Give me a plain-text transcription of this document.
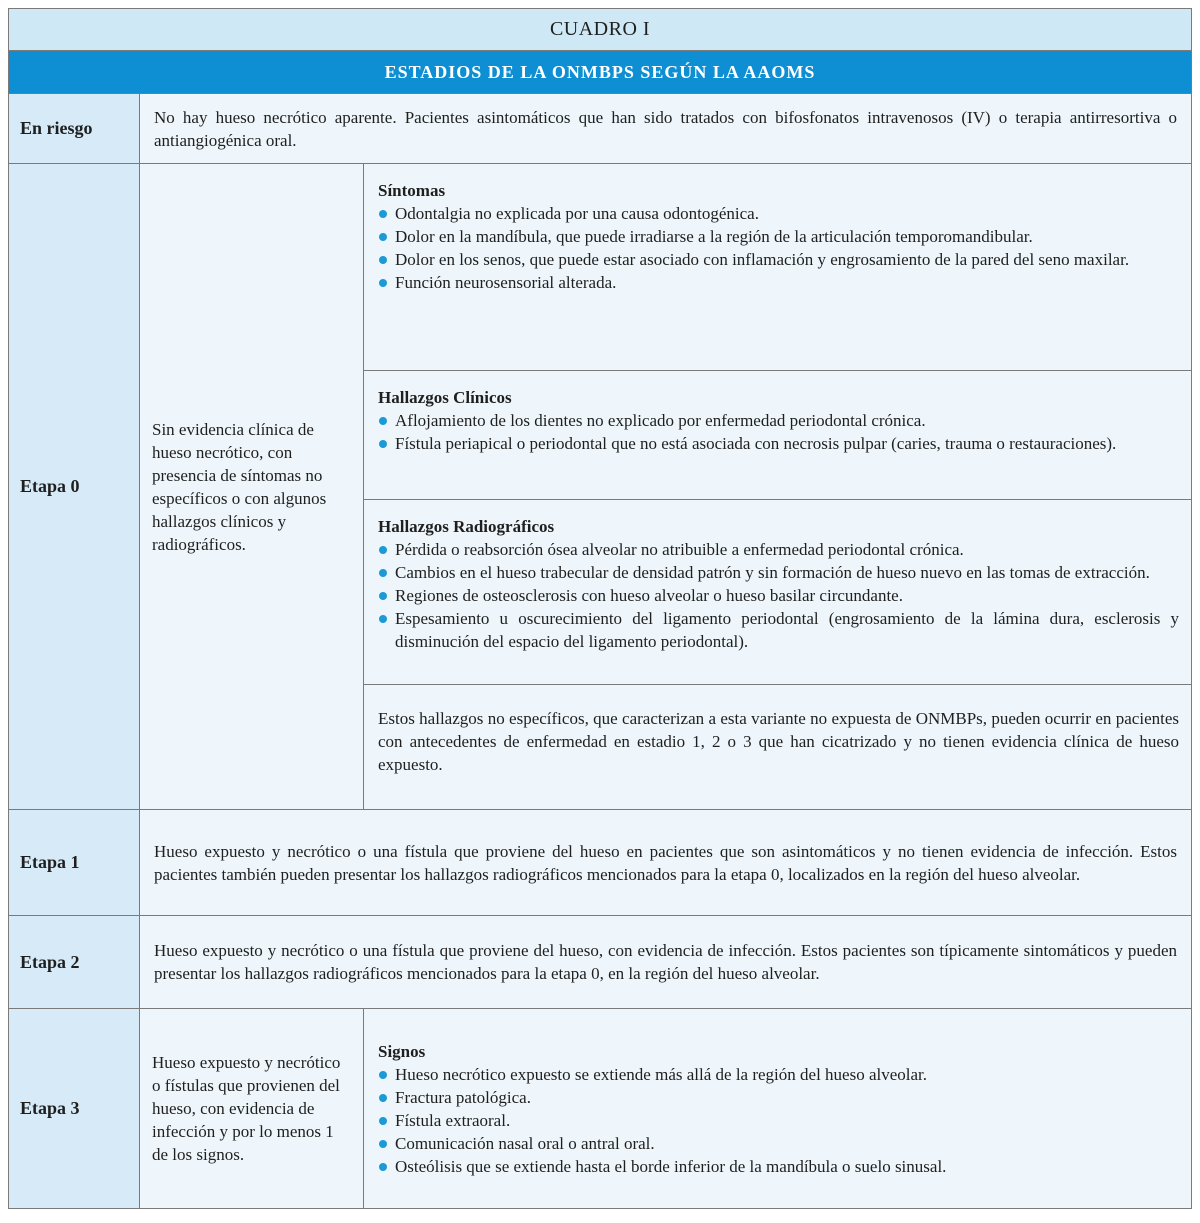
CUADRO I
ESTADIOS DE LA ONMBPS SEGÚN LA AAOMS
En riesgo
No hay hueso necrótico aparente. Pacientes asintomáticos que han sido tratados con bifosfonatos intravenosos (IV) o terapia antirresortiva o antiangiogénica oral.
Etapa 0
Sin evidencia clínica de hueso necrótico, con presencia de síntomas no específicos o con algunos hallazgos clínicos y radiográficos.
Síntomas
Odontalgia no explicada por una causa odontogénica.
Dolor en la mandíbula, que puede irradiarse a la región de la articulación temporomandibular.
Dolor en los senos, que puede estar asociado con inflamación y engrosamiento de la pared del seno maxilar.
Función neurosensorial alterada.
Hallazgos Clínicos
Aflojamiento de los dientes no explicado por enfermedad periodontal crónica.
Fístula periapical o periodontal que no está asociada con necrosis pulpar (caries, trauma o restauraciones).
Hallazgos Radiográficos
Pérdida o reabsorción ósea alveolar no atribuible a enfermedad periodontal crónica.
Cambios en el hueso trabecular de densidad patrón y sin formación de hueso nuevo en las tomas de extracción.
Regiones de osteosclerosis con hueso alveolar o hueso basilar circundante.
Espesamiento u oscurecimiento del ligamento periodontal (engrosamiento de la lámina dura, esclerosis y disminución del espacio del ligamento periodontal).
Estos hallazgos no específicos, que caracterizan a esta variante no expuesta de ONMBPs, pueden ocurrir en pacientes con antecedentes de enfermedad en estadio 1, 2 o 3 que han cicatrizado y no tienen evidencia clínica de hueso expuesto.
Etapa 1
Hueso expuesto y necrótico o una fístula que proviene del hueso en pacientes que son asintomáticos y no tienen evidencia de infección. Estos pacientes también pueden presentar los hallazgos radiográficos mencionados para la etapa 0, localizados en la región del hueso alveolar.
Etapa 2
Hueso expuesto y necrótico o una fístula que proviene del hueso, con evidencia de infección. Estos pacientes son típicamente sintomáticos y pueden presentar los hallazgos radiográficos mencionados para la etapa 0, en la región del hueso alveolar.
Etapa 3
Hueso expuesto y necrótico o fístulas que provienen del hueso, con evidencia de infección y por lo menos 1 de los signos.
Signos
Hueso necrótico expuesto se extiende más allá de la región del hueso alveolar.
Fractura patológica.
Fístula extraoral.
Comunicación nasal oral o antral oral.
Osteólisis que se extiende hasta el borde inferior de la mandíbula o suelo sinusal.
